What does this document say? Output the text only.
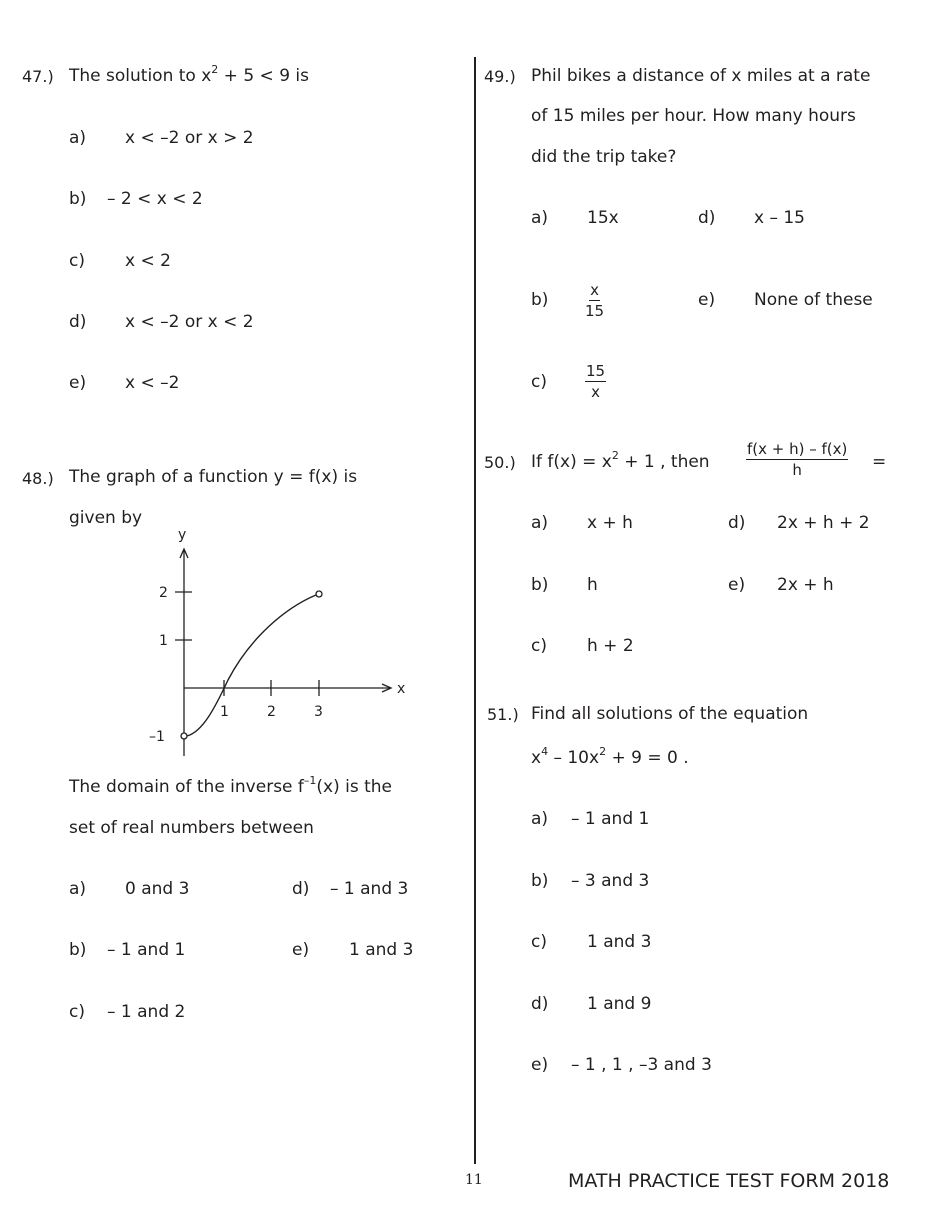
47.) The solution to $x^2 + 5 < 9$ is
a) x < –2 or x > 2
b) – 2 < x < 2
c) x < 2
d) x < –2 or x < 2
e) x < –2
48.) The graph of a function y = f(x) is
given by
y
x
1	2	3
2
1
–1
The domain of the inverse $f^{-1}(x)$ is the
set of real numbers between
a) 0 and 3
b) – 1 and 1
c) – 1 and 2
d) – 1 and 3
e) 1 and 3
49.) Phil bikes a distance of x miles at a rate
of 15 miles per hour. How many hours
did the trip take?
a) 15x
$b) \frac{x}{15}$
c)	$\frac{15}{x}$
d) x – 15
e) None of these
50.) If $f(x) = x^2 + 1$ , then $\frac{f(x + h) - f(x)}{h}$ =
a) x + h
b) h
c) h + 2
d) 2x + h + 2
e) 2x + h
51.) Find all solutions of the equation
$x^4 - 10x^2 + 9 = 0$ .
a) – 1 and 1
b) – 3 and 3
c) 1 and 3
d) 1 and 9
e) – 1 , 1 , –3 and 3
11	MATH PRACTICE TEST FORM 2018
